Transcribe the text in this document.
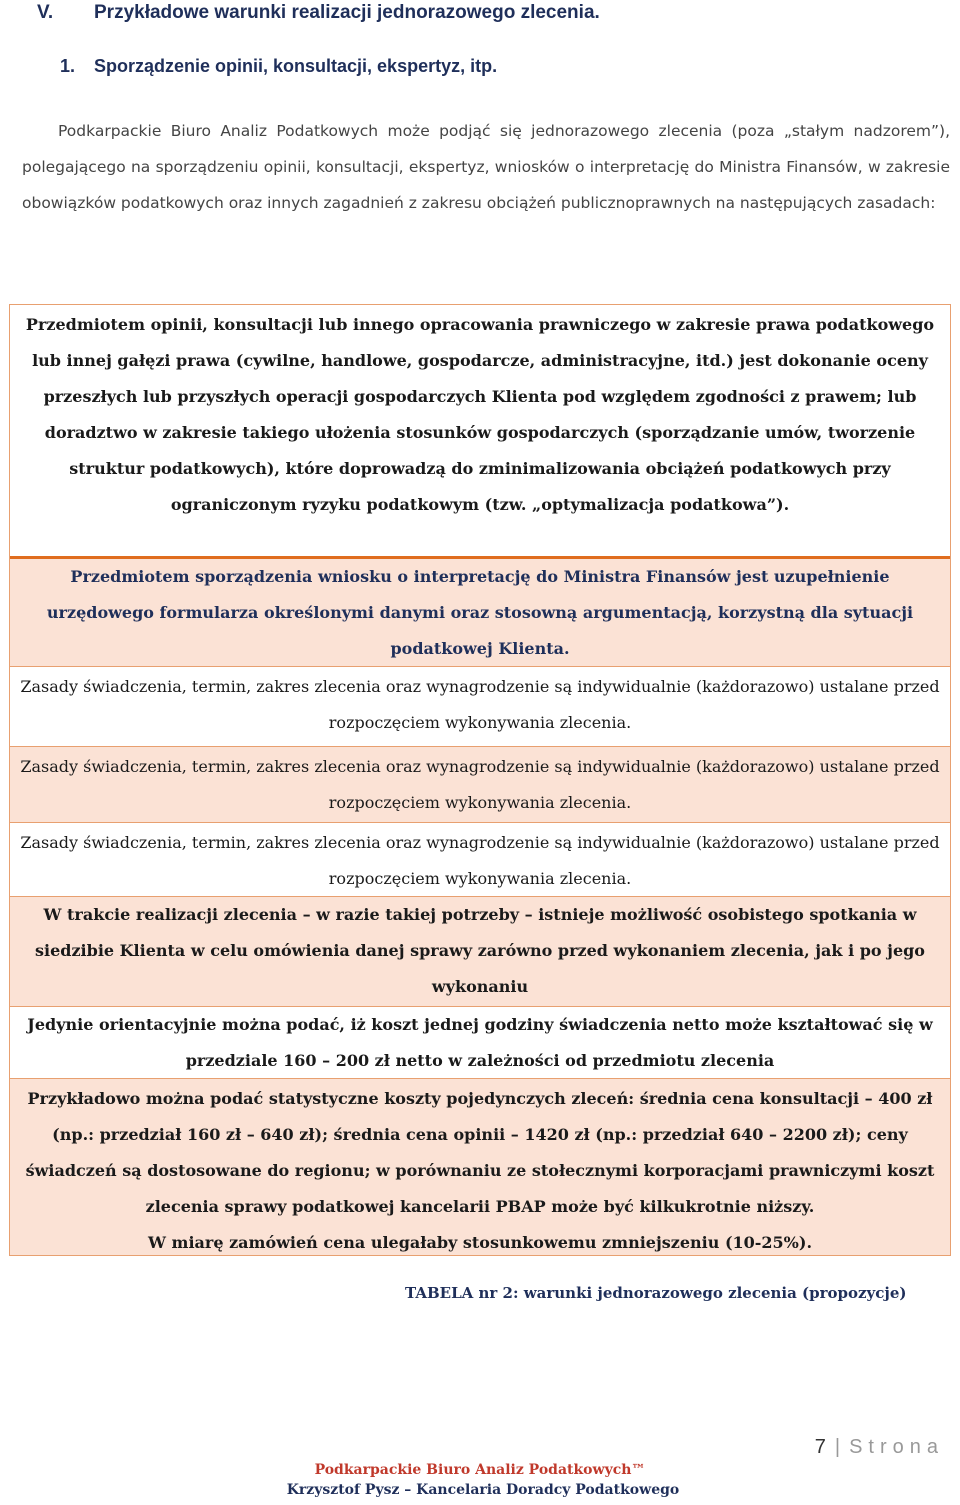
V. Przykładowe warunki realizacji jednorazowego zlecenia.
1. Sporządzenie opinii, konsultacji, ekspertyz, itp.

Podkarpackie Biuro Analiz Podatkowych może podjąć się jednorazowego zlecenia (poza „stałym nadzorem”), polegającego na sporządzeniu opinii, konsultacji, ekspertyz, wniosków o interpretację do Ministra Finansów, w zakresie obowiązków podatkowych oraz innych zagadnień z zakresu obciążeń publicznoprawnych na następujących zasadach:

Przedmiotem opinii, konsultacji lub innego opracowania prawniczego w zakresie prawa podatkowego lub innej gałęzi prawa (cywilne, handlowe, gospodarcze, administracyjne, itd.) jest dokonanie oceny przeszłych lub przyszłych operacji gospodarczych Klienta pod względem zgodności z prawem; lub doradztwo w zakresie takiego ułożenia stosunków gospodarczych (sporządzanie umów, tworzenie struktur podatkowych), które doprowadzą do zminimalizowania obciążeń podatkowych przy ograniczonym ryzyku podatkowym (tzw. „optymalizacja podatkowa”).
Przedmiotem sporządzenia wniosku o interpretację do Ministra Finansów jest uzupełnienie urzędowego formularza określonymi danymi oraz stosowną argumentacją, korzystną dla sytuacji podatkowej Klienta.
Zasady świadczenia, termin, zakres zlecenia oraz wynagrodzenie są indywidualnie (każdorazowo) ustalane przed rozpoczęciem wykonywania zlecenia.
Zasady świadczenia, termin, zakres zlecenia oraz wynagrodzenie są indywidualnie (każdorazowo) ustalane przed rozpoczęciem wykonywania zlecenia.
Zasady świadczenia, termin, zakres zlecenia oraz wynagrodzenie są indywidualnie (każdorazowo) ustalane przed rozpoczęciem wykonywania zlecenia.
W trakcie realizacji zlecenia – w razie takiej potrzeby – istnieje możliwość osobistego spotkania w siedzibie Klienta w celu omówienia danej sprawy zarówno przed wykonaniem zlecenia, jak i po jego wykonaniu
Jedynie orientacyjnie można podać, iż koszt jednej godziny świadczenia netto może kształtować się w przedziale 160 – 200 zł netto w zależności od przedmiotu zlecenia
Przykładowo można podać statystyczne koszty pojedynczych zleceń: średnia cena konsultacji – 400 zł (np.: przedział 160 zł – 640 zł); średnia cena opinii – 1420 zł (np.: przedział 640 – 2200 zł); ceny świadczeń są dostosowane do regionu; w porównaniu ze stołecznymi korporacjami prawniczymi koszt zlecenia sprawy podatkowej kancelarii PBAP może być kilkukrotnie niższy.
W miarę zamówień cena ulegałaby stosunkowemu zmniejszeniu (10-25%).
TABELA nr 2: warunki jednorazowego zlecenia (propozycje)
7 | Strona
Podkarpackie Biuro Analiz Podatkowych™
Krzysztof Pysz – Kancelaria Doradcy Podatkowego
